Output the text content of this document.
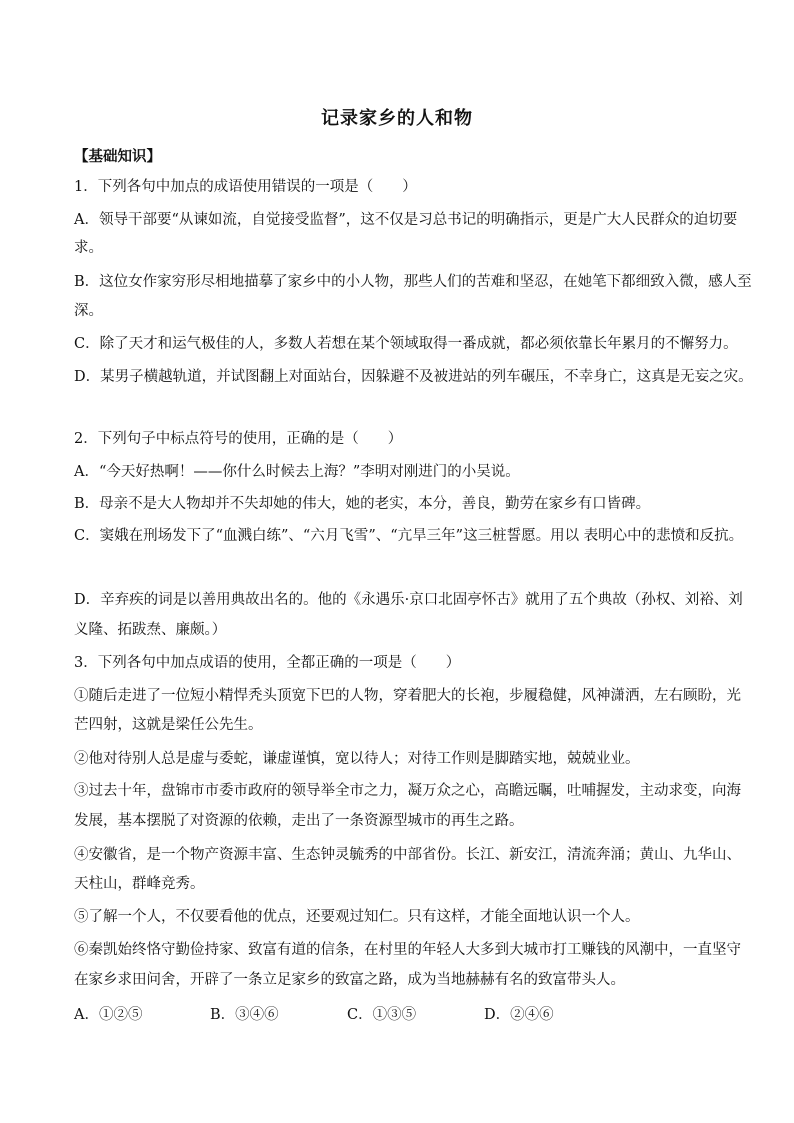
记录家乡的人和物
【基础知识】
1．下列各句中加点的成语使用错误的一项是（　　）
A．领导干部要“从谏如流，自觉接受监督”，这不仅是习总书记的明确指示，更是广大人民群众的迫切要
求。
B．这位女作家穷形尽相地描摹了家乡中的小人物，那些人们的苦难和坚忍，在她笔下都细致入微，感人至
深。
C．除了天才和运气极佳的人，多数人若想在某个领域取得一番成就，都必须依靠长年累月的不懈努力。
D．某男子横越轨道，并试图翻上对面站台，因躲避不及被进站的列车碾压，不幸身亡，这真是无妄之灾。
2．下列句子中标点符号的使用，正确的是（　　）
A．“今天好热啊！——你什么时候去上海？”李明对刚进门的小吴说。
B．母亲不是大人物却并不失却她的伟大，她的老实，本分，善良，勤劳在家乡有口皆碑。
C．窦娥在刑场发下了“血溅白练”、“六月飞雪”、“亢旱三年”这三桩誓愿。用以 表明心中的悲愤和反抗。
D．辛弃疾的词是以善用典故出名的。他的《永遇乐·京口北固亭怀古》就用了五个典故（孙权、刘裕、刘
义隆、拓跋焘、廉颇。）
3．下列各句中加点成语的使用，全都正确的一项是（　　）
①随后走进了一位短小精悍秃头顶宽下巴的人物，穿着肥大的长袍，步履稳健，风神潇洒，左右顾盼，光
芒四射，这就是梁任公先生。
②他对待别人总是虚与委蛇，谦虚谨慎，宽以待人；对待工作则是脚踏实地，兢兢业业。
③过去十年，盘锦市市委市政府的领导举全市之力，凝万众之心，高瞻远瞩，吐哺握发，主动求变，向海
发展，基本摆脱了对资源的依赖，走出了一条资源型城市的再生之路。
④安徽省，是一个物产资源丰富、生态钟灵毓秀的中部省份。长江、新安江，清流奔涌；黄山、九华山、
天柱山，群峰竞秀。
⑤了解一个人，不仅要看他的优点，还要观过知仁。只有这样，才能全面地认识一个人。
⑥秦凯始终恪守勤俭持家、致富有道的信条，在村里的年轻人大多到大城市打工赚钱的风潮中，一直坚守
在家乡求田问舍，开辟了一条立足家乡的致富之路，成为当地赫赫有名的致富带头人。
A．①②⑤	B．③④⑥	C．①③⑤	D．②④⑥
